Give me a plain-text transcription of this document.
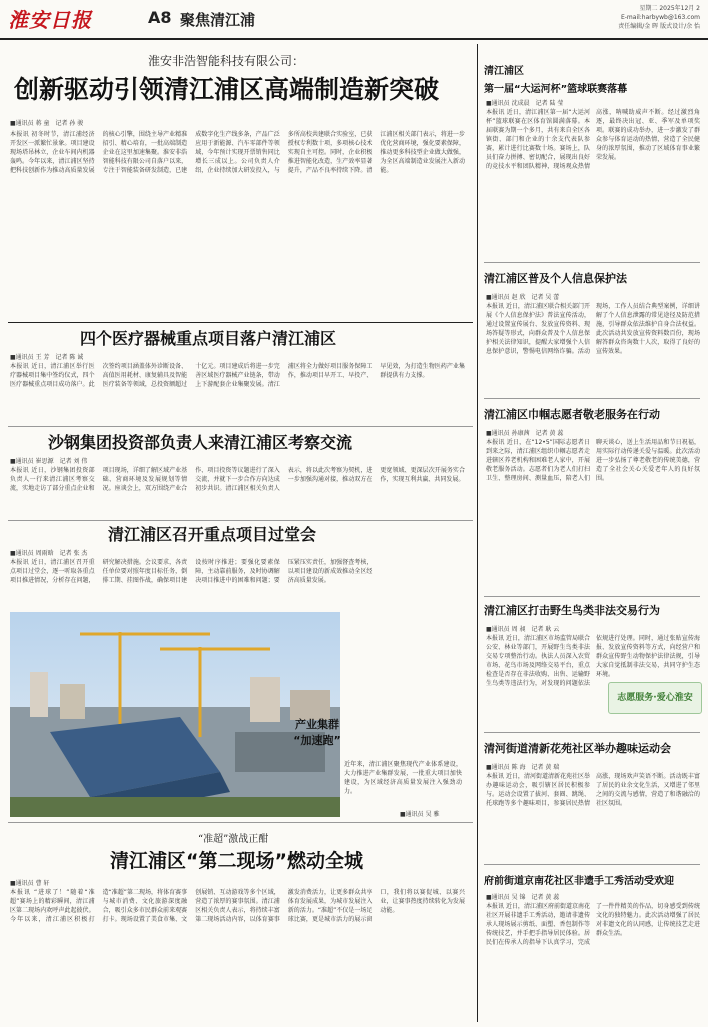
淮安日报	A8 聚焦清江浦
星期二 2025年12月 2
E-mail:harbywb@163.com
责任编辑/金 晖 版式设计/余 怡
淮安非浩智能科技有限公司：
创新驱动引领清江浦区高端制造新突破
■通讯员 蒋 童 记者 孙 骏
本报讯 初冬时节，清江浦经济开发区一派繁忙景象。项目建设现场塔吊林立，企业车间内机器轰鸣。今年以来，清江浦区坚持把科技创新作为推动高质量发展的核心引擎，围绕主导产业精准招引、精心培育，一批高端制造企业在这里加速集聚。淮安非浩智能科技有限公司自落户以来，专注于智能装备研发制造，已建成数字化生产线多条，产品广泛应用于新能源、汽车零部件等领域，今年预计实现开票销售同比增长三成以上。公司负责人介绍，企业持续加大研发投入，与多所高校共建联合实验室，已获授权专利数十项，多项核心技术实现自主可控。同时，企业积极推进智能化改造，生产效率显著提升，产品不良率持续下降。清江浦区相关部门表示，将进一步优化营商环境，强化要素保障，推动更多科技型企业做大做强，为全区高端制造业发展注入新动能。
四个医疗器械重点项目落户清江浦区
■通讯员 王 芳 记者 陈 诚
本报讯 近日，清江浦区举行医疗器械项目集中签约仪式，四个医疗器械重点项目成功落户。此次签约项目涵盖体外诊断设备、高值医用耗材、康复辅具及智能医疗装备等领域，总投资额超过十亿元。项目建成后将进一步完善区域医疗器械产业链条，带动上下游配套企业集聚发展。清江浦区将全力做好项目服务保障工作，推动项目早开工、早投产、早见效，为打造生物医药产业集群提供有力支撑。
沙钢集团投资部负责人来清江浦区考察交流
■通讯员 崔思源 记者 刘 伟
本报讯 近日，沙钢集团投资部负责人一行来清江浦区考察交流，实地走访了部分重点企业和项目现场，详细了解区域产业基础、营商环境及发展规划等情况。座谈会上，双方围绕产业合作、项目投资等议题进行了深入交流，并就下一步合作方向达成初步共识。清江浦区相关负责人表示，将以此次考察为契机，进一步加强沟通对接，推动双方在更宽领域、更深层次开展务实合作，实现互利共赢、共同发展。
清江浦区召开重点项目过堂会
■通讯员 周雨晗 记者 张 杰
本报讯 近日，清江浦区召开重点项目过堂会，逐一听取各重点项目推进情况，分析存在问题，研究解决措施。会议要求，各责任单位要对照年度目标任务，倒排工期、挂图作战，确保项目建设按时序推进；要强化要素保障，主动靠前服务，及时协调解决项目推进中的困难和问题；要压紧压实责任，加强督查考核，以项目建设的新成效推动全区经济高质量发展。
产业集群
“加速跑”
近年来，清江浦区聚焦现代产业体系建设，大力推进产业集群发展，一批重大项目加快建设，为区域经济高质量发展注入强劲动力。
■通讯员 吴 雅
“准超”激战正酣
清江浦区“第二现场”燃动全城
■通讯员 曹 轩
本报讯 “进球了！”随着“准超”赛场上的精彩瞬间，清江浦区第二现场内欢呼声此起彼伏。今年以来，清江浦区积极打造“准超”第二现场，将体育赛事与城市消费、文化旅游深度融合，吸引众多市民群众前来观赛打卡。现场设置了美食市集、文创展销、互动游戏等多个区域，营造了浓厚的赛事氛围。清江浦区相关负责人表示，将持续丰富第二现场活动内容，以体育赛事激发消费活力，让更多群众共享体育发展成果，为城市发展注入新的活力。“准超”不仅是一场足球比赛，更是城市活力的展示窗口，我们将以赛促城、以赛兴业，让赛事热度持续转化为发展动能。
清江浦区
第一届“大运河杯”篮球联赛落幕
■通讯员 沈成晨 记者 陆 莹
本报讯 近日，清江浦区第一届“大运河杯”篮球联赛在区体育馆圆满落幕。本届联赛为期一个多月，共有来自全区各镇街、部门和企业的十余支代表队参赛，累计进行比赛数十场。赛场上，队员们奋力拼搏、密切配合，展现出良好的竞技水平和团队精神，现场观众热情高涨，呐喊助威声不断。经过激烈角逐，最终决出冠、亚、季军及单项奖项。联赛的成功举办，进一步激发了群众参与体育运动的热情，营造了全民健身的浓厚氛围，推动了区域体育事业繁荣发展。
清江浦区普及个人信息保护法
■通讯员 赵 欣 记者 吴 蕾
本报讯 近日，清江浦区联合相关部门开展《个人信息保护法》普法宣传活动，通过设置宣传展台、发放宣传资料、现场答疑等形式，向群众普及个人信息保护相关法律知识，提醒大家增强个人信息保护意识，警惕电信网络诈骗。活动现场，工作人员结合典型案例，详细讲解了个人信息泄露的常见途径及防范措施，引导群众依法维护自身合法权益。此次活动共发放宣传资料数百份，现场解答群众咨询数十人次，取得了良好的宣传效果。
清江浦区巾帼志愿者敬老服务在行动
■通讯员 孙康茜 记者 黄 蕊
本报讯 近日，在“12•5”国际志愿者日到来之际，清江浦区组织巾帼志愿者走进辖区养老机构和困难老人家中，开展敬老服务活动。志愿者们为老人们打扫卫生、整理房间、测量血压，陪老人们聊天谈心，送上生活用品和节日祝福，用实际行动传递关爱与温暖。此次活动进一步弘扬了尊老敬老的传统美德，营造了全社会关心关爱老年人的良好氛围。
志愿服务·爱心淮安
清江浦区打击野生鸟类非法交易行为
■通讯员 周 昶 记者 耿 云
本报讯 近日，清江浦区市场监管局联合公安、林业等部门，开展野生鸟类非法交易专项整治行动。执法人员深入农贸市场、花鸟市场及网络交易平台，重点检查是否存在非法收购、出售、运输野生鸟类等违法行为，对发现的问题依法依规进行处理。同时，通过张贴宣传海报、发放宣传资料等方式，向经营户和群众宣传野生动物保护法律法规，引导大家自觉抵制非法交易，共同守护生态环境。
清河街道清新花苑社区举办趣味运动会
■通讯员 陈 海 记者 黄 瑞
本报讯 近日，清河街道清新花苑社区举办趣味运动会，吸引辖区居民积极参与。运动会设置了拔河、套圈、跳绳、托球跑等多个趣味项目，参赛居民热情高涨，现场欢声笑语不断。活动既丰富了居民的业余文化生活，又增进了邻里之间的交流与感情，营造了和谐融洽的社区氛围。
府前街道京南花社区非遗手工秀活动受欢迎
■通讯员 吴 锦 记者 黄 蕊
本报讯 近日，清江浦区府前街道京南花社区开展非遗手工秀活动，邀请非遗传承人现场展示剪纸、面塑、香包制作等传统技艺，并手把手指导居民体验。居民们在传承人的指导下认真学习，完成了一件件精美的作品，切身感受到传统文化的独特魅力。此次活动增强了居民对非遗文化的认同感，让传统技艺走进群众生活。
